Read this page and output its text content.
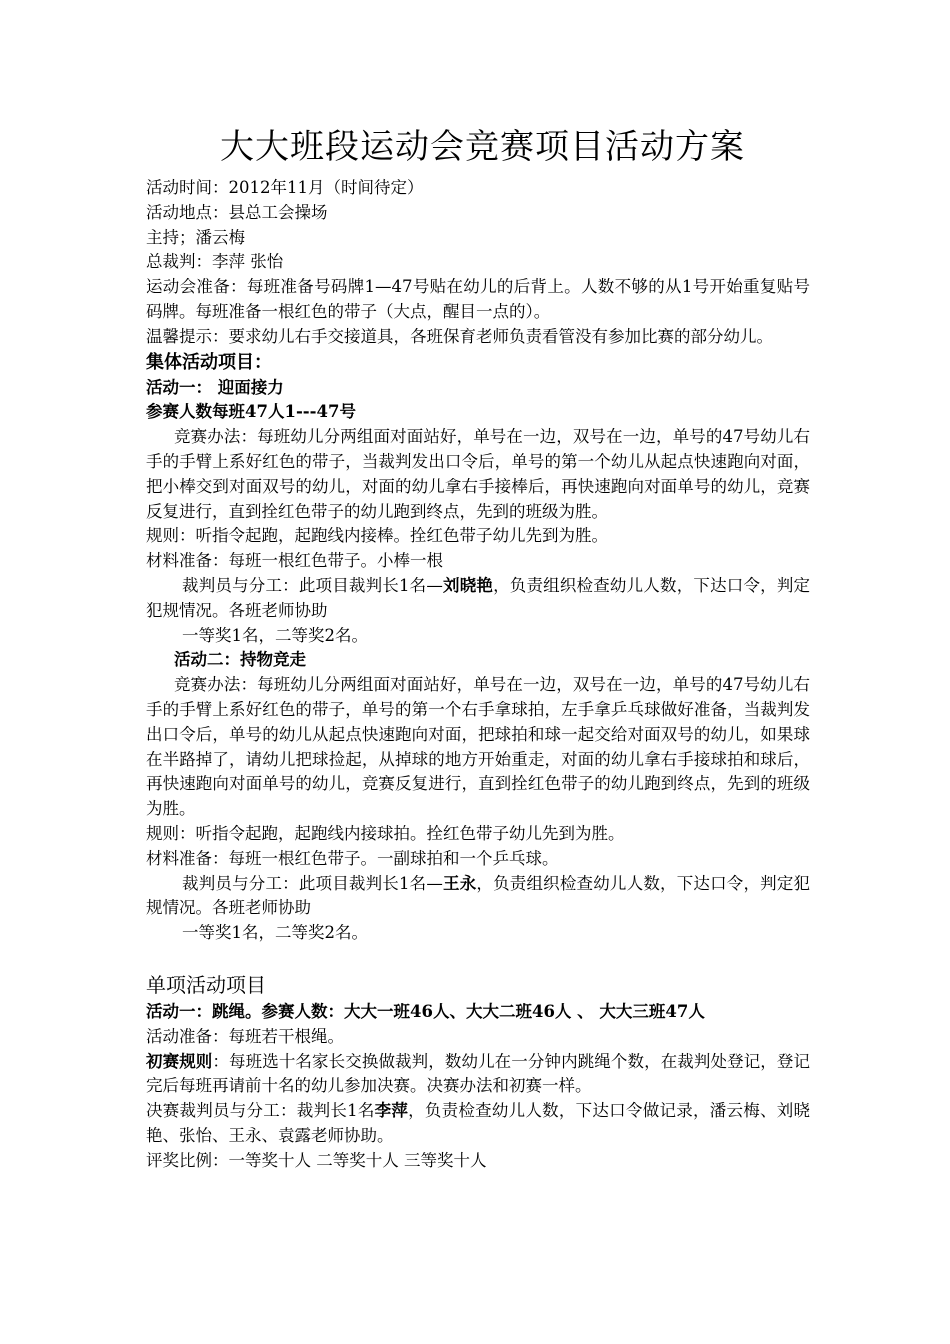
大大班段运动会竞赛项目活动方案

活动时间：2012年11月（时间待定）

活动地点：县总工会操场

主持；潘云梅

总裁判：李萍 张怡

运动会准备：每班准备号码牌1—47号贴在幼儿的后背上。人数不够的从1号开始重复贴号码牌。每班准备一根红色的带子（大点，醒目一点的）。

温馨提示：要求幼儿右手交接道具，各班保育老师负责看管没有参加比赛的部分幼儿。

集体活动项目：
活动一： 迎面接力
参赛人数每班47人1---47号

竞赛办法：每班幼儿分两组面对面站好，单号在一边，双号在一边，单号的47号幼儿右手的手臂上系好红色的带子，当裁判发出口令后，单号的第一个幼儿从起点快速跑向对面，把小棒交到对面双号的幼儿，对面的幼儿拿右手接棒后，再快速跑向对面单号的幼儿，竞赛反复进行，直到拴红色带子的幼儿跑到终点，先到的班级为胜。

规则：听指令起跑，起跑线内接棒。拴红色带子幼儿先到为胜。

材料准备：每班一根红色带子。小棒一根

裁判员与分工：此项目裁判长1名—刘晓艳，负责组织检查幼儿人数，下达口令，判定犯规情况。各班老师协助

一等奖1名，二等奖2名。

活动二：持物竞走

竞赛办法：每班幼儿分两组面对面站好，单号在一边，双号在一边，单号的47号幼儿右手的手臂上系好红色的带子，单号的第一个右手拿球拍，左手拿乒乓球做好准备，当裁判发出口令后，单号的幼儿从起点快速跑向对面，把球拍和球一起交给对面双号的幼儿，如果球在半路掉了，请幼儿把球捡起，从掉球的地方开始重走，对面的幼儿拿右手接球拍和球后，再快速跑向对面单号的幼儿，竞赛反复进行，直到拴红色带子的幼儿跑到终点，先到的班级为胜。

规则：听指令起跑，起跑线内接球拍。拴红色带子幼儿先到为胜。

材料准备：每班一根红色带子。一副球拍和一个乒乓球。

裁判员与分工：此项目裁判长1名—王永，负责组织检查幼儿人数，下达口令，判定犯规情况。各班老师协助

一等奖1名，二等奖2名。

单项活动项目
活动一：跳绳。参赛人数：大大一班46人、大大二班46人 、 大大三班47人

活动准备：每班若干根绳。

初赛规则：每班选十名家长交换做裁判，数幼儿在一分钟内跳绳个数，在裁判处登记，登记完后每班再请前十名的幼儿参加决赛。决赛办法和初赛一样。

决赛裁判员与分工：裁判长1名李萍，负责检查幼儿人数，下达口令做记录，潘云梅、刘晓艳、张怡、王永、袁露老师协助。

评奖比例：一等奖十人 二等奖十人 三等奖十人
